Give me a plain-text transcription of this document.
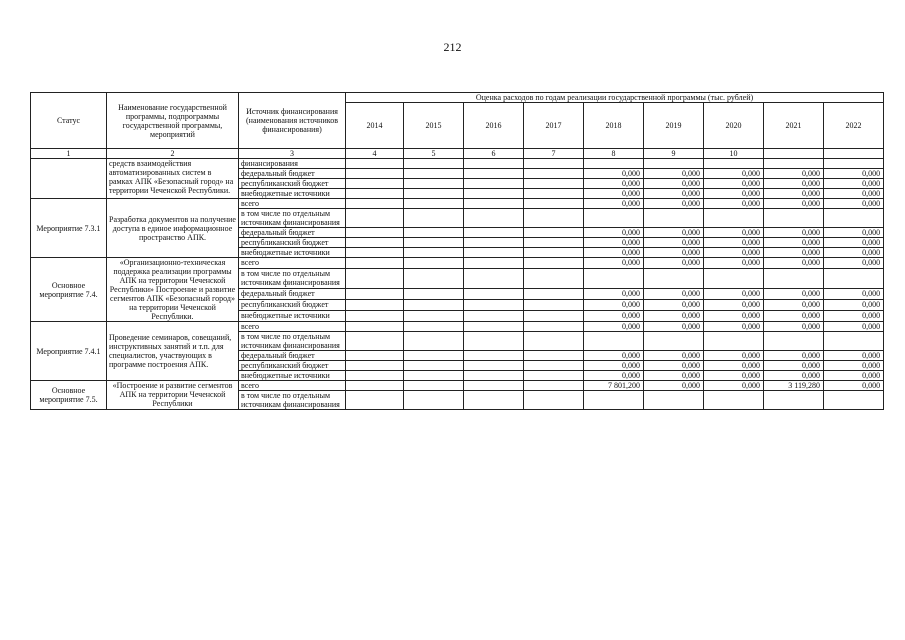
212
Статус	Наименование государственной программы, подпрограммы государственной программы, мероприятий	Источник финансирования (наименования источников финансирования)	Оценка расходов по годам реализации государственной программы (тыс. рублей)								
			2014	2015	2016	2017	2018	2019	2020	2021	2022
1	2	3	4	5	6	7	8	9	10		
	средств взаимодействия автоматизированных систем в рамках АПК «Безопасный город» на территории Чеченской Республики.	финансирования									
		федеральный бюджет					0,000	0,000	0,000	0,000	0,000
		республиканский бюджет					0,000	0,000	0,000	0,000	0,000
		внебюджетные источники					0,000	0,000	0,000	0,000	0,000
Мероприятие 7.3.1	Разработка документов на получение доступа в единое информационное пространство АПК.	всего					0,000	0,000	0,000	0,000	0,000
		в том числе по отдельным источникам финансирования									
		федеральный бюджет					0,000	0,000	0,000	0,000	0,000
		республиканский бюджет					0,000	0,000	0,000	0,000	0,000
		внебюджетные источники					0,000	0,000	0,000	0,000	0,000
Основное мероприятие 7.4.	«Организационно-техническая поддержка реализации программы АПК на территории Чеченской Республики» Построение и развитие сегментов АПК «Безопасный город» на территории Чеченской Республики.	всего					0,000	0,000	0,000	0,000	0,000
		в том числе по отдельным источникам финансирования									
		федеральный бюджет					0,000	0,000	0,000	0,000	0,000
		республиканский бюджет					0,000	0,000	0,000	0,000	0,000
		внебюджетные источники					0,000	0,000	0,000	0,000	0,000
Мероприятие 7.4.1	Проведение семинаров, совещаний, инструктивных занятий и т.п. для специалистов, участвующих в программе построения АПК.	всего					0,000	0,000	0,000	0,000	0,000
		в том числе по отдельным источникам финансирования									
		федеральный бюджет					0,000	0,000	0,000	0,000	0,000
		республиканский бюджет					0,000	0,000	0,000	0,000	0,000
		внебюджетные источники					0,000	0,000	0,000	0,000	0,000
Основное мероприятие 7.5.	«Построение и развитие сегментов АПК на территории Чеченской Республики	всего					7 801,200	0,000	0,000	3 119,280	0,000
		в том числе по отдельным источникам финансирования									
